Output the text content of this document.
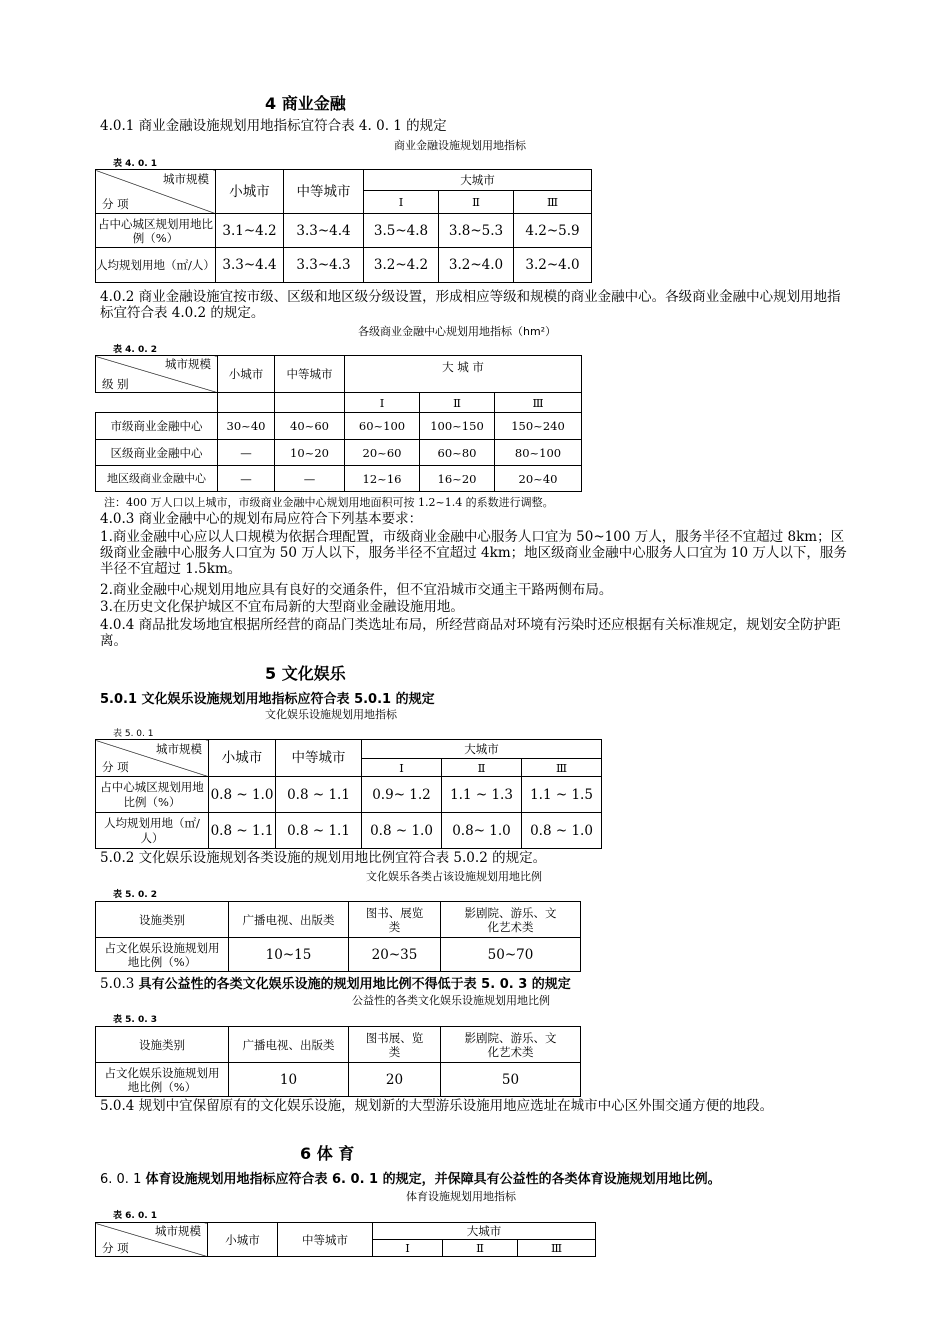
4 商业金融
4.0.1 商业金融设施规划用地指标宜符合表 4. 0. 1 的规定
商业金融设施规划用地指标
表 4. 0. 1
城市规模
分 项	小城市	中等城市	大城市		
			Ⅰ	Ⅱ	Ⅲ
占中心城区规划用地比例（%）	3.1~4.2	3.3~4.4	3.5~4.8	3.8~5.3	4.2~5.9
人均规划用地（㎡/人）	3.3~4.4	3.3~4.3	3.2~4.2	3.2~4.0	3.2~4.0
4.0.2 商业金融设施宜按市级、区级和地区级分级设置，形成相应等级和规模的商业金融中心。各级商业金融中心规划用地指标宜符合表 4.0.2 的规定。
各级商业金融中心规划用地指标（hm²）
表 4. 0. 2
城市规模
级 别	小城市	中等城市	大 城 市		
			Ⅰ	Ⅱ	Ⅲ
市级商业金融中心	30~40	40~60	60~100	100~150	150~240
区级商业金融中心	—	10~20	20~60	60~80	80~100
地区级商业金融中心	—	—	12~16	16~20	20~40
注：400 万人口以上城市，市级商业金融中心规划用地面积可按 1.2~1.4 的系数进行调整。
4.0.3 商业金融中心的规划布局应符合下列基本要求：
1.商业金融中心应以人口规模为依据合理配置，市级商业金融中心服务人口宜为 50~100 万人，服务半径不宜超过 8km；区级商业金融中心服务人口宜为 50 万人以下，服务半径不宜超过 4km；地区级商业金融中心服务人口宜为 10 万人以下，服务半径不宜超过 1.5km。
2.商业金融中心规划用地应具有良好的交通条件，但不宜沿城市交通主干路两侧布局。
3.在历史文化保护城区不宜布局新的大型商业金融设施用地。
4.0.4 商品批发场地宜根据所经营的商品门类选址布局，所经营商品对环境有污染时还应根据有关标准规定，规划安全防护距离。
5 文化娱乐
5.0.1 文化娱乐设施规划用地指标应符合表 5.0.1 的规定
文化娱乐设施规划用地指标
表 5. 0. 1
城市规模
分 项	小城市	中等城市	大城市		
			Ⅰ	Ⅱ	Ⅲ
占中心城区规划用地比例（%）	0.8 ~ 1.0	0.8 ~ 1.1	0.9~ 1.2	1.1 ~ 1.3	1.1 ~ 1.5
人均规划用地（㎡/人）	0.8 ~ 1.1	0.8 ~ 1.1	0.8 ~ 1.0	0.8~ 1.0	0.8 ~ 1.0
5.0.2 文化娱乐设施规划各类设施的规划用地比例宜符合表 5.0.2 的规定。
文化娱乐各类占该设施规划用地比例
表 5. 0. 2
设施类别	广播电视、出版类	图书、展览类	影剧院、游乐、文化艺术类
占文化娱乐设施规划用地比例（%）	10~15	20~35	50~70
5.0.3 具有公益性的各类文化娱乐设施的规划用地比例不得低于表 5. 0. 3 的规定
公益性的各类文化娱乐设施规划用地比例
表 5. 0. 3
设施类别	广播电视、出版类	图书展、览类	影剧院、游乐、文化艺术类
占文化娱乐设施规划用地比例（%）	10	20	50
5.0.4 规划中宜保留原有的文化娱乐设施，规划新的大型游乐设施用地应选址在城市中心区外围交通方便的地段。
6 体 育
6. 0. 1 体育设施规划用地指标应符合表 6. 0. 1 的规定，并保障具有公益性的各类体育设施规划用地比例。
体育设施规划用地指标
表 6. 0. 1
城市规模
分 项	小城市	中等城市	大城市		
			Ⅰ	Ⅱ	Ⅲ
